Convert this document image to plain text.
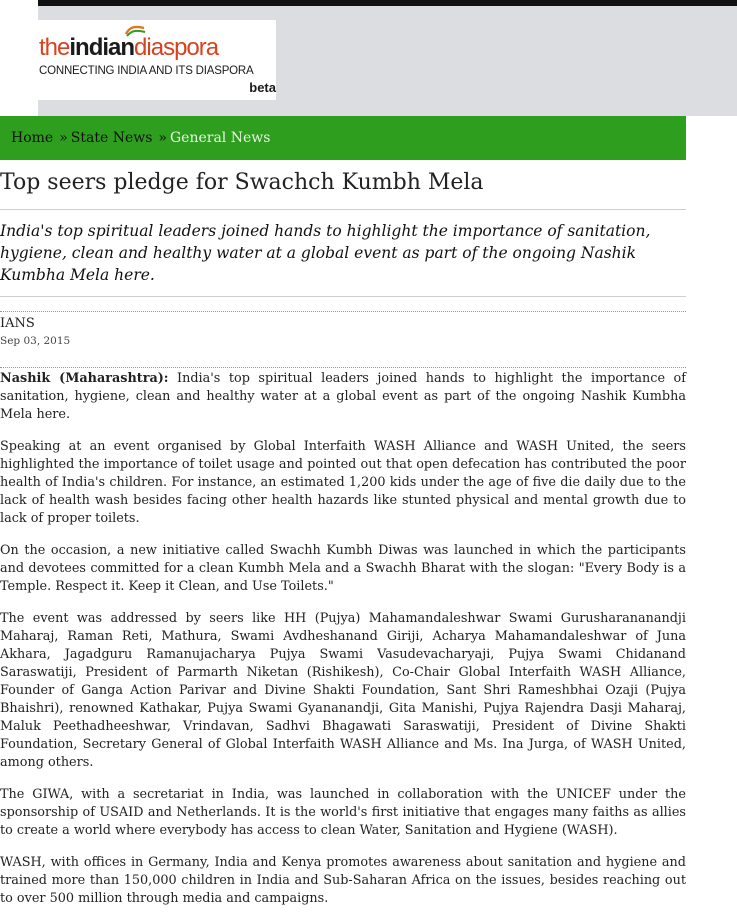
theindiandiaspora
CONNECTING INDIA AND ITS DIASPORA
beta
Home » State News » General News
Top seers pledge for Swachch Kumbh Mela

India's top spiritual leaders joined hands to highlight the importance of sanitation, hygiene, clean and healthy water at a global event as part of the ongoing Nashik Kumbha Mela here.

IANS
Sep 03, 2015

Nashik (Maharashtra): India's top spiritual leaders joined hands to highlight the importance of sanitation, hygiene, clean and healthy water at a global event as part of the ongoing Nashik Kumbha Mela here.

Speaking at an event organised by Global Interfaith WASH Alliance and WASH United, the seers highlighted the importance of toilet usage and pointed out that open defecation has contributed the poor health of India's children. For instance, an estimated 1,200 kids under the age of five die daily due to the lack of health wash besides facing other health hazards like stunted physical and mental growth due to lack of proper toilets.

On the occasion, a new initiative called Swachh Kumbh Diwas was launched in which the participants and devotees committed for a clean Kumbh Mela and a Swachh Bharat with the slogan: "Every Body is a Temple. Respect it. Keep it Clean, and Use Toilets."

The event was addressed by seers like HH (Pujya) Mahamandaleshwar Swami Gurusharananandji Maharaj, Raman Reti, Mathura, Swami Avdheshanand Giriji, Acharya Mahamandaleshwar of Juna Akhara, Jagadguru Ramanujacharya Pujya Swami Vasudevacharyaji, Pujya Swami Chidanand Saraswatiji, President of Parmarth Niketan (Rishikesh), Co-Chair Global Interfaith WASH Alliance, Founder of Ganga Action Parivar and Divine Shakti Foundation, Sant Shri Rameshbhai Ozaji (Pujya Bhaishri), renowned Kathakar, Pujya Swami Gyananandji, Gita Manishi, Pujya Rajendra Dasji Maharaj, Maluk Peethadheeshwar, Vrindavan, Sadhvi Bhagawati Saraswatiji, President of Divine Shakti Foundation, Secretary General of Global Interfaith WASH Alliance and Ms. Ina Jurga, of WASH United, among others.

The GIWA, with a secretariat in India, was launched in collaboration with the UNICEF under the sponsorship of USAID and Netherlands. It is the world's first initiative that engages many faiths as allies to create a world where everybody has access to clean Water, Sanitation and Hygiene (WASH).

WASH, with offices in Germany, India and Kenya promotes awareness about sanitation and hygiene and trained more than 150,000 children in India and Sub-Saharan Africa on the issues, besides reaching out to over 500 million through media and campaigns.
